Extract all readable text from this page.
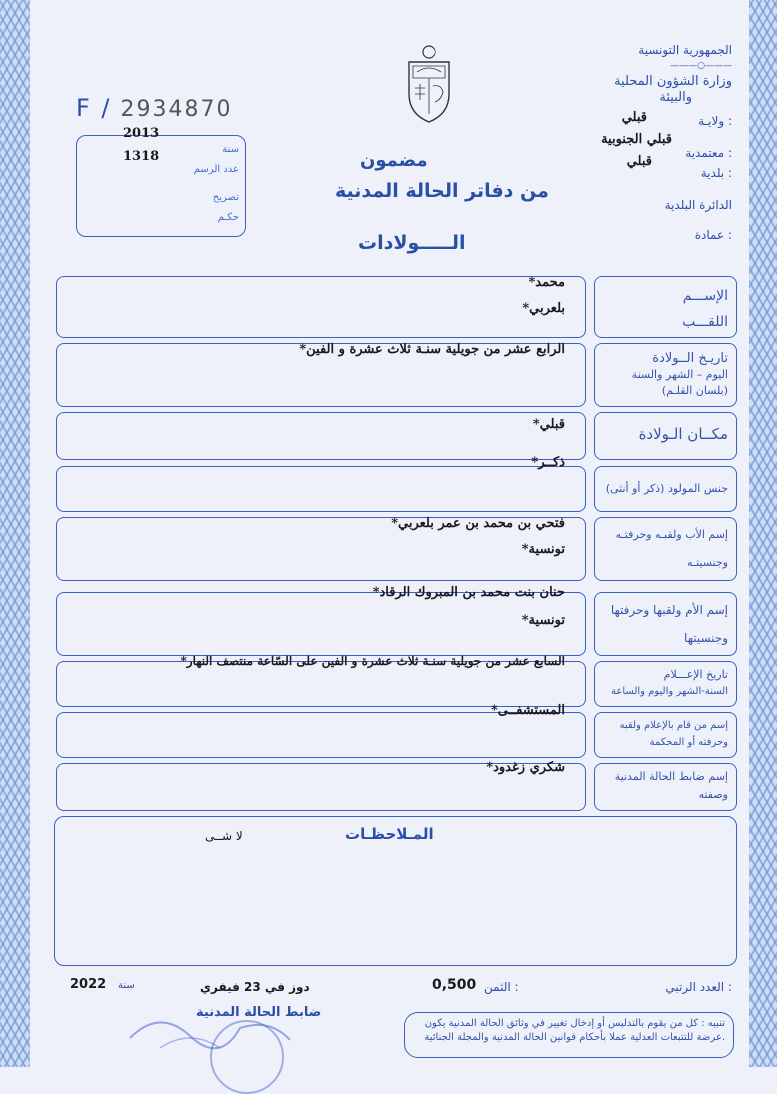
الجمهورية التونسية
———○———
وزارة الشؤون المحلية
والبيئة
F / 2934870
2013
سنة
1318
عدد الرسم
تصريح
حكـم
مضمون
من دفاتر الحالة المدنية
الـــــولادات
ولايـة :
قبلي
معتمدية :
قبلي الجنوبية
بلدية :
قبلي
الدائرة البلدية
عمادة :
محمد*
بلعربي*
الإســـم
اللقـــب
الرابع عشر من جويلية سنـة ثلاث عشرة و الفين*
تاريـخ الــولادة
اليوم – الشهر والسنة
(بلسان القلـم)
قبلي*
مكــان الـولادة
ذكــر*
جنس المولود (ذكر أو أنثى)
فتحي بن محمد بن عمر بلعربي*
تونسية*
إسم الأب ولقبـه وحرفتـه
وجنسيتـه
حنان بنت محمد بن المبروك الرقاد*
تونسية*
إسم الأم ولقبها وحرفتها
وجنسيتها
السابع عشر من جويلية سنـة ثلاث عشرة و الفين على السّاعة منتصف النهار*
تاريخ الإعـــلام
السنة-الشهر واليوم والساعة
المستشفــى*
إسم من قام بالإعلام ولقبه
وحرفته أو المحكمة
شكري زغدود*
إسم ضابط الحالة المدنية
وصفته
المـلاحظـات
لا شــى
العدد الرتبي :
الثمن :
0,500
دوز في 23 فيفري
سنة
2022
ضابط الحالة المدنية
تنبيه : كل من يقوم بالتدليس أو إدخال تغيير في وثائق الحالة المدنية يكون عرضة للتتبعات العدلية عملا بأحكام قوانين الحالة المدنية والمجلة الجنائية.
